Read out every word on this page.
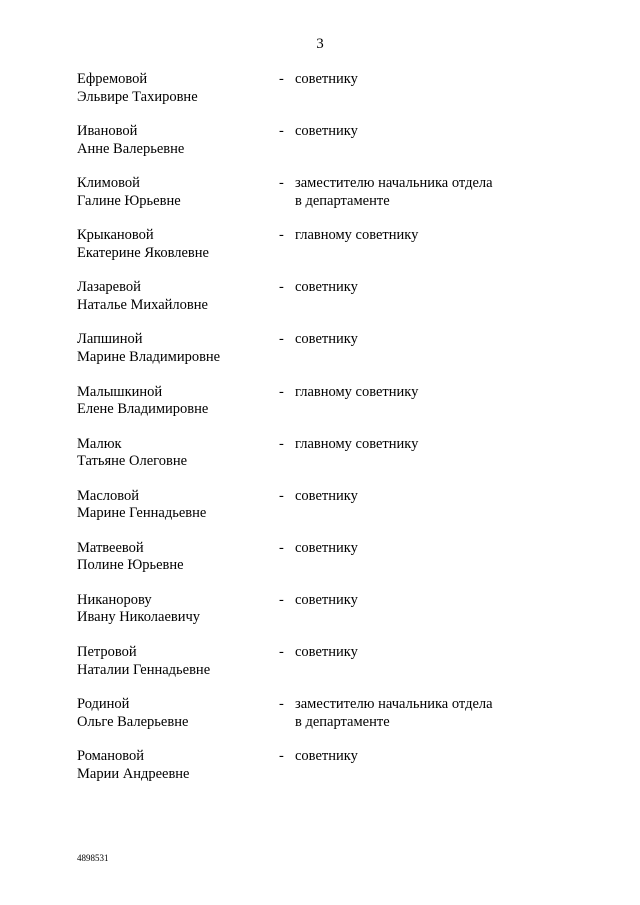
3
Ефремовой
Эльвире Тахировне
- советнику
Ивановой
Анне Валерьевне
- советнику
Климовой
Галине Юрьевне
- заместителю начальника отдела
в департаменте
Крыкановой
Екатерине Яковлевне
- главному советнику
Лазаревой
Наталье Михайловне
- советнику
Лапшиной
Марине Владимировне
- советнику
Малышкиной
Елене Владимировне
- главному советнику
Малюк
Татьяне Олеговне
- главному советнику
Масловой
Марине Геннадьевне
- советнику
Матвеевой
Полине Юрьевне
- советнику
Никанорову
Ивану Николаевичу
- советнику
Петровой
Наталии Геннадьевне
- советнику
Родиной
Ольге Валерьевне
- заместителю начальника отдела
в департаменте
Романовой
Марии Андреевне
- советнику
4898531
